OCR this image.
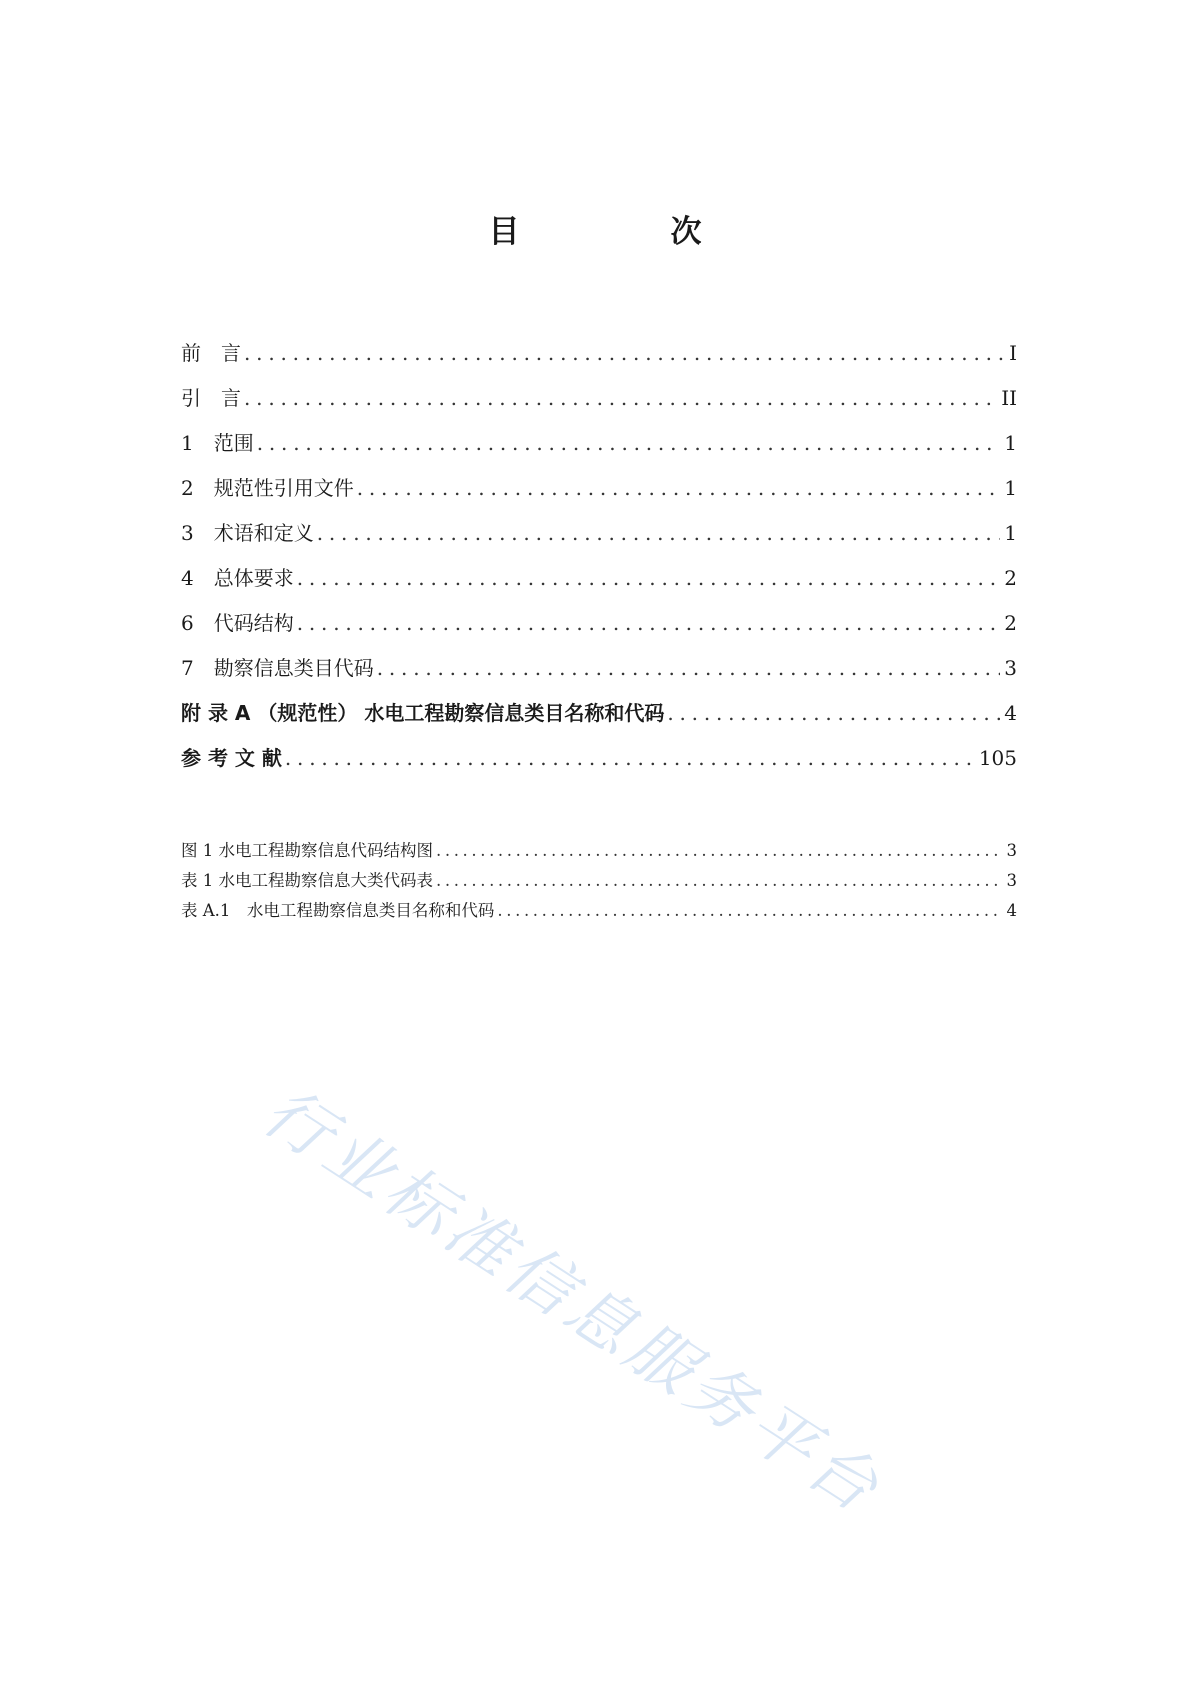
目　次
前　言 .....	I
引　言 .....	II
1　范围 .....	1
2　规范性引用文件 .....	1
3　术语和定义 .....	1
4　总体要求 .....	2
6　代码结构 .....	2
7　勘察信息类目代码 .....	3
附 录 A （规范性） 水电工程勘察信息类目名称和代码 .....	4
参 考 文 献 .....	105
图 1 水电工程勘察信息代码结构图 .....	3
表 1 水电工程勘察信息大类代码表 .....	3
表 A.1　水电工程勘察信息类目名称和代码 .....	4
行业标准信息服务平台
